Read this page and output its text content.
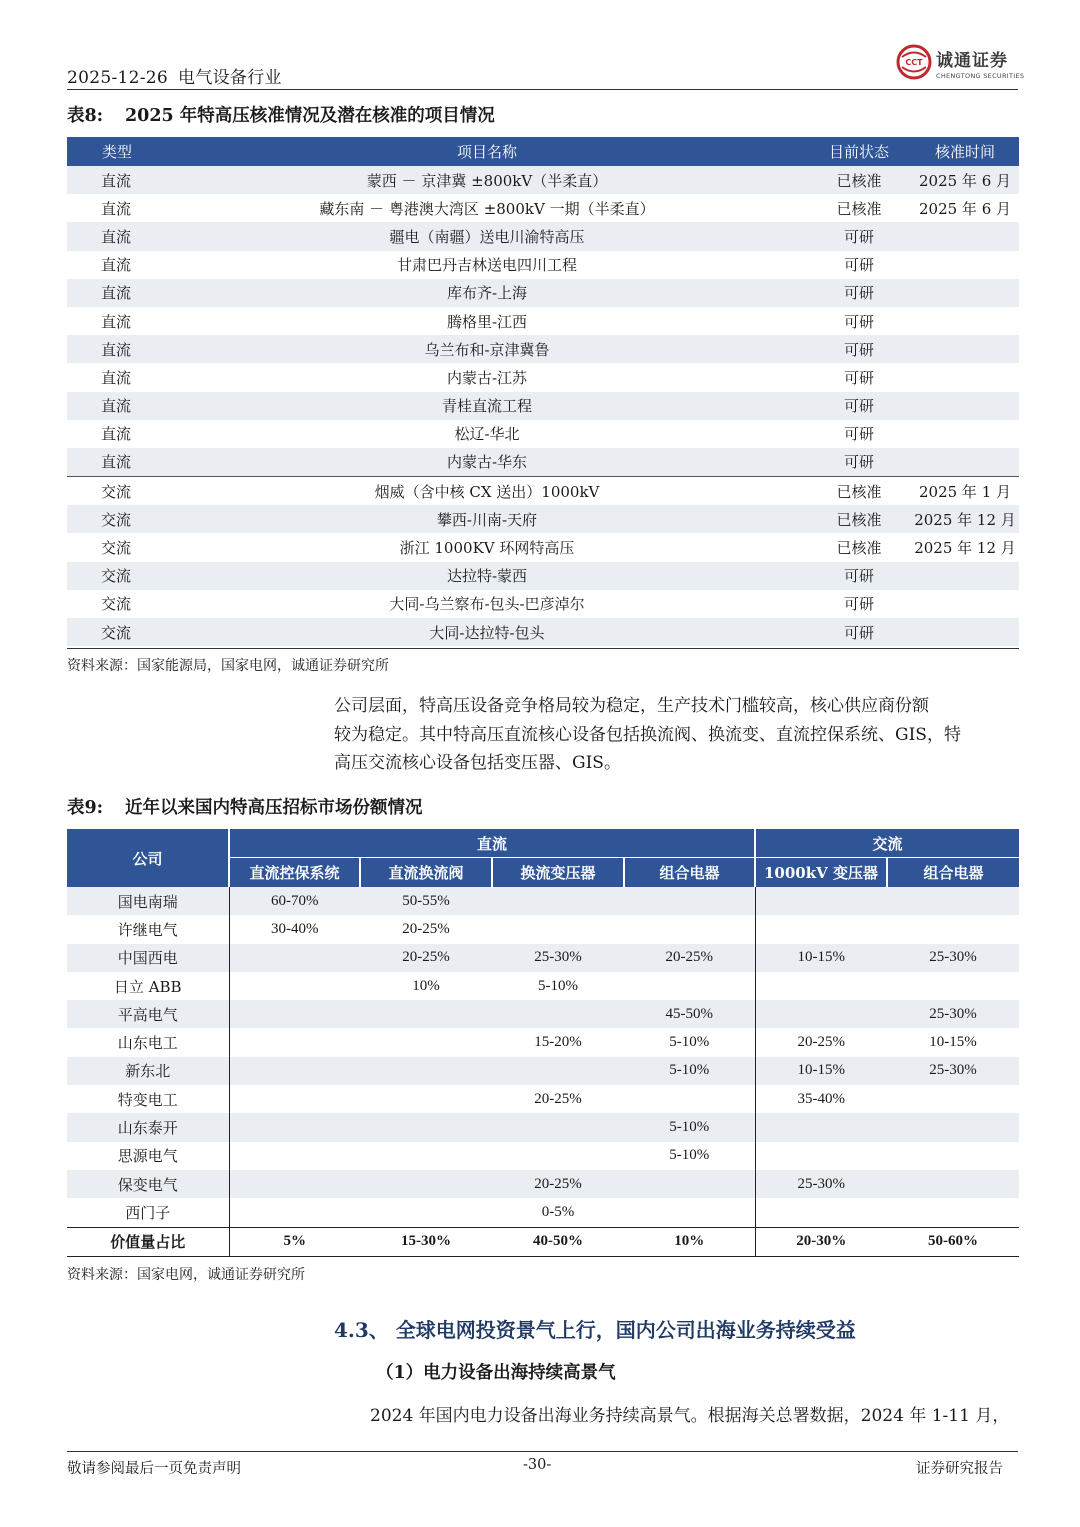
2025-12-26 电气设备行业
CCT 诚通证券
CHENGTONG SECURITIES
表8: 2025 年特高压核准情况及潜在核准的项目情况
类型	项目名称	目前状态	核准时间
直流	蒙西 － 京津冀 ±800kV（半柔直）	已核准	2025 年 6 月
直流	藏东南 － 粤港澳大湾区 ±800kV 一期（半柔直）	已核准	2025 年 6 月
直流	疆电（南疆）送电川渝特高压	可研	
直流	甘肃巴丹吉林送电四川工程	可研	
直流	库布齐-上海	可研	
直流	腾格里-江西	可研	
直流	乌兰布和-京津冀鲁	可研	
直流	内蒙古-江苏	可研	
直流	青桂直流工程	可研	
直流	松辽-华北	可研	
直流	内蒙古-华东	可研	
交流	烟威（含中核 CX 送出）1000kV	已核准	2025 年 1 月
交流	攀西-川南-天府	已核准	2025 年 12 月
交流	浙江 1000KV 环网特高压	已核准	2025 年 12 月
交流	达拉特-蒙西	可研	
交流	大同-乌兰察布-包头-巴彦淖尔	可研	
交流	大同-达拉特-包头	可研	
资料来源：国家能源局，国家电网，诚通证券研究所
公司层面，特高压设备竞争格局较为稳定，生产技术门槛较高，核心供应商份额
较为稳定。其中特高压直流核心设备包括换流阀、换流变、直流控保系统、GIS，特
高压交流核心设备包括变压器、GIS。
表9: 近年以来国内特高压招标市场份额情况
公司	直流				交流	
	直流控保系统	直流换流阀	换流变压器	组合电器	1000kV 变压器	组合电器
国电南瑞	60-70%	50-55%				
许继电气	30-40%	20-25%				
中国西电		20-25%	25-30%	20-25%	10-15%	25-30%
日立 ABB		10%	5-10%			
平高电气				45-50%		25-30%
山东电工			15-20%	5-10%	20-25%	10-15%
新东北				5-10%	10-15%	25-30%
特变电工			20-25%		35-40%	
山东泰开				5-10%		
思源电气				5-10%		
保变电气			20-25%		25-30%	
西门子			0-5%			
价值量占比	5%	15-30%	40-50%	10%	20-30%	50-60%
资料来源：国家电网，诚通证券研究所
4.3、 全球电网投资景气上行，国内公司出海业务持续受益
（1）电力设备出海持续高景气
2024 年国内电力设备出海业务持续高景气。根据海关总署数据，2024 年 1-11 月，
敬请参阅最后一页免责声明	-30-	证券研究报告
